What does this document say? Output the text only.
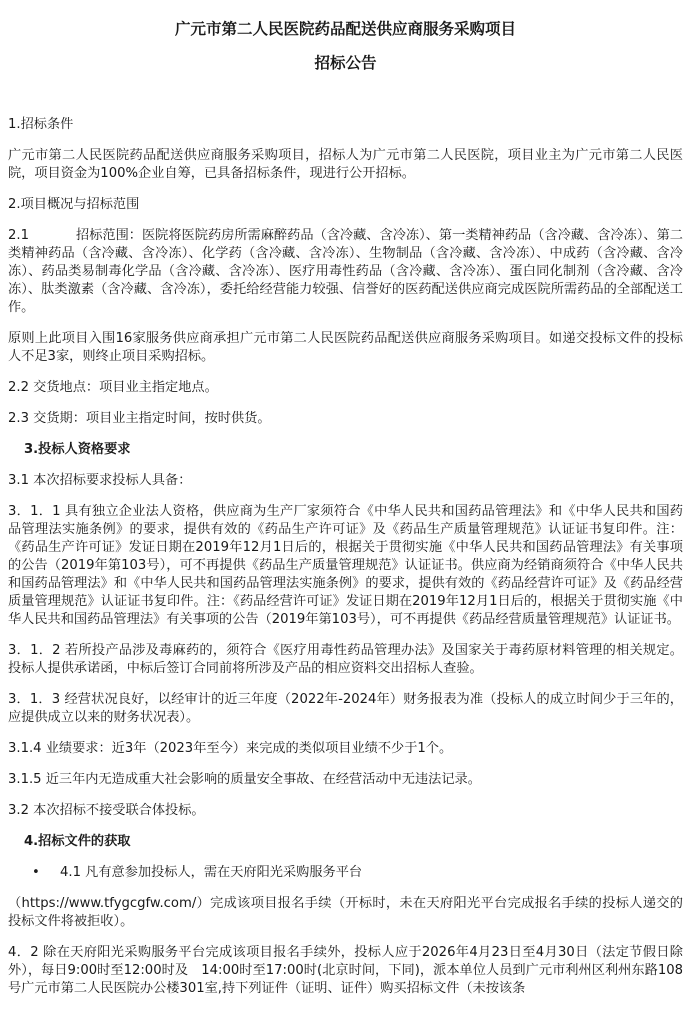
广元市第二人民医院药品配送供应商服务采购项目
招标公告

1.招标条件

广元市第二人民医院药品配送供应商服务采购项目，招标人为广元市第二人民医院，项目业主为广元市第二人民医院，项目资金为100%企业自筹，已具备招标条件，现进行公开招标。

2.项目概况与招标范围

2.1	招标范围：医院将医院药房所需麻醉药品（含冷藏、含冷冻）、第一类精神药品（含冷藏、含冷冻）、第二类精神药品（含冷藏、含冷冻）、化学药（含冷藏、含冷冻）、生物制品（含冷藏、含冷冻）、中成药（含冷藏、含冷冻）、药品类易制毒化学品（含冷藏、含冷冻）、医疗用毒性药品（含冷藏、含冷冻）、蛋白同化制剂（含冷藏、含冷冻）、肽类激素（含冷藏、含冷冻），委托给经营能力较强、信誉好的医药配送供应商完成医院所需药品的全部配送工作。

原则上此项目入围16家服务供应商承担广元市第二人民医院药品配送供应商服务采购项目。如递交投标文件的投标人不足3家，则终止项目采购招标。

2.2 交货地点：项目业主指定地点。

2.3 交货期：项目业主指定时间，按时供货。

3.投标人资格要求

3.1 本次招标要求投标人具备：

3．1．1 具有独立企业法人资格，供应商为生产厂家须符合《中华人民共和国药品管理法》和《中华人民共和国药品管理法实施条例》的要求，提供有效的《药品生产许可证》及《药品生产质量管理规范》认证证书复印件。注：《药品生产许可证》发证日期在2019年12月1日后的，根据关于贯彻实施《中华人民共和国药品管理法》有关事项的公告（2019年第103号），可不再提供《药品生产质量管理规范》认证证书。供应商为经销商须符合《中华人民共和国药品管理法》和《中华人民共和国药品管理法实施条例》的要求，提供有效的《药品经营许可证》及《药品经营质量管理规范》认证证书复印件。注：《药品经营许可证》发证日期在2019年12月1日后的，根据关于贯彻实施《中华人民共和国药品管理法》有关事项的公告（2019年第103号），可不再提供《药品经营质量管理规范》认证证书。

3．1．2 若所投产品涉及毒麻药的，须符合《医疗用毒性药品管理办法》及国家关于毒药原材料管理的相关规定。投标人提供承诺函，中标后签订合同前将所涉及产品的相应资料交出招标人查验。

3．1．3 经营状况良好，以经审计的近三年度（2022年-2024年）财务报表为准（投标人的成立时间少于三年的，应提供成立以来的财务状况表）。

3.1.4 业绩要求：近3年（2023年至今）来完成的类似项目业绩不少于1个。

3.1.5 近三年内无造成重大社会影响的质量安全事故、在经营活动中无违法记录。

3.2 本次招标不接受联合体投标。

4.招标文件的获取

• 4.1 凡有意参加投标人，需在天府阳光采购服务平台

（https://www.tfygcgfw.com/）完成该项目报名手续（开标时，未在天府阳光平台完成报名手续的投标人递交的投标文件将被拒收）。

4．2 除在天府阳光采购服务平台完成该项目报名手续外，投标人应于2026年4月23日至4月30日（法定节假日除外），每日9:00时至12:00时及　14:00时至17:00时(北京时间，下同)，派本单位人员到广元市利州区利州东路108号广元市第二人民医院办公楼301室,持下列证件（证明、证件）购买招标文件（未按该条
